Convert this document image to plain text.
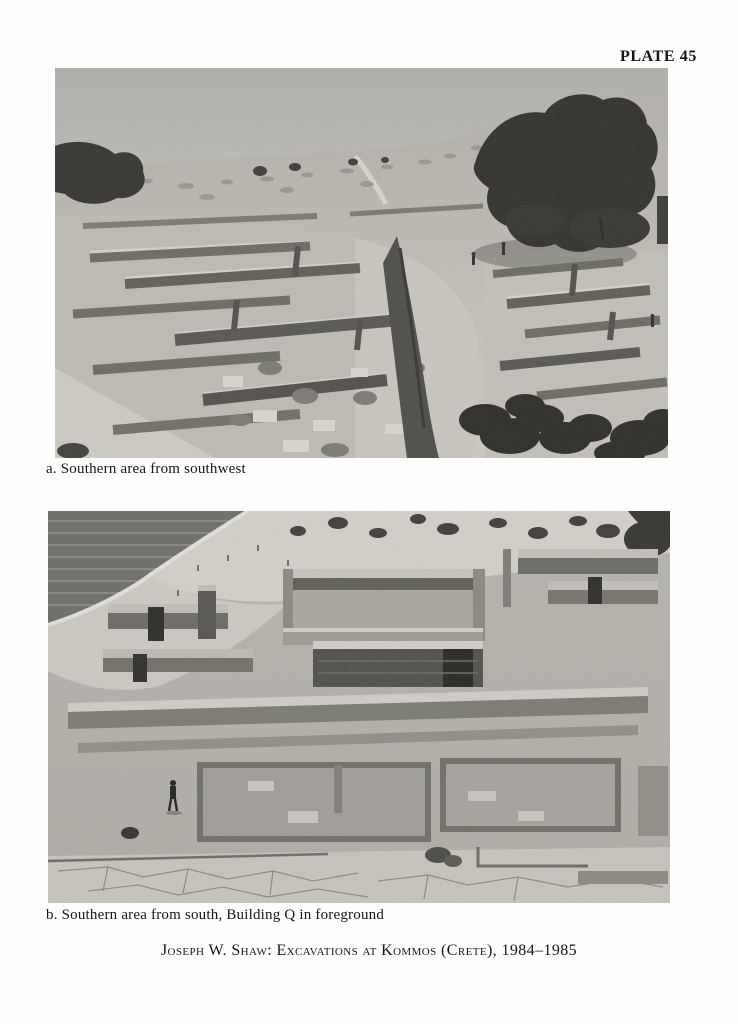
PLATE 45
a. Southern area from southwest
b. Southern area from south, Building Q in foreground
Joseph W. Shaw: Excavations at Kommos (Crete), 1984–1985
